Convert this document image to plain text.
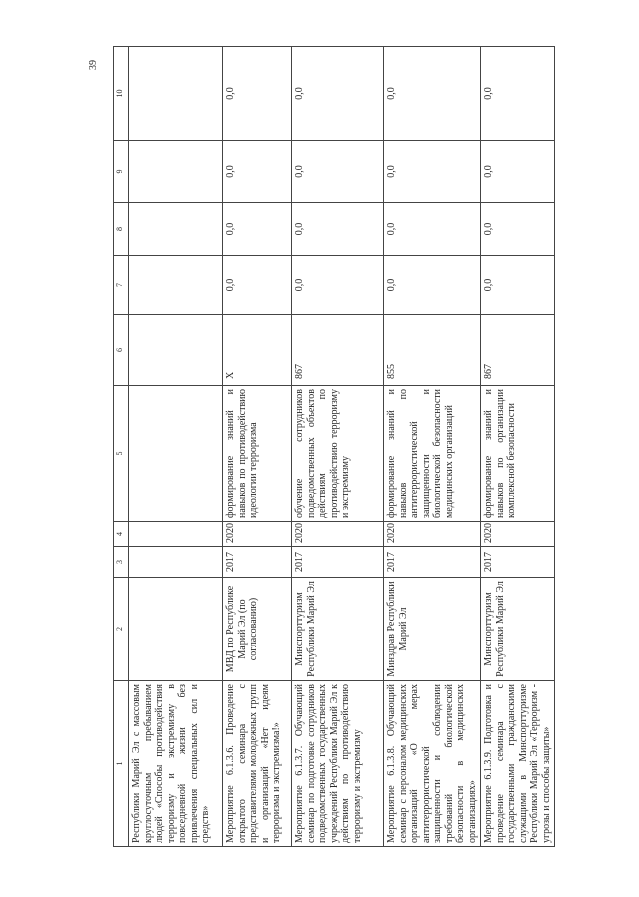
39
1	2	3	4	5	6	7	8	9	10
Республики Марий Эл с массовым круглосуточным пребыванием людей «Способы противодействия терроризму и экстремизму в повседневной жизни без привлечения специальных сил и средств»									
Мероприятие 6.1.3.6. Проведение открытого семинара с представителями молодежных групп и организаций «Нет идеям терроризма и экстремизма!»	МВД по Республике Марий Эл (по согласованию)	2017	2020	формирование знаний и навыков по противодействию идеологии терроризма	X	0,0	0,0	0,0	0,0
Мероприятие 6.1.3.7. Обучающий семинар по подготовке сотрудников подведомственных государственных учреждений Республики Марий Эл к действиям по противодействию терроризму и экстремизму	Минспорттуризм Республики Марий Эл	2017	2020	обучение сотрудников подведомственных объектов действиям по противодействию терроризму и экстремизму	867	0,0	0,0	0,0	0,0
Мероприятие 6.1.3.8. Обучающий семинар с персоналом медицинских организаций «О мерах антитеррористической защищенности и соблюдении требований биологической безопасности в медицинских организациях»	Минздрав Республики Марий Эл	2017	2020	формирование знаний и навыков по антитеррористической защищенности и биологической безопасности медицинских организаций	855	0,0	0,0	0,0	0,0
Мероприятие 6.1.3.9. Подготовка и проведение семинара с государственными гражданскими служащими в Минспорттуризме Республики Марий Эл «Терроризм - угрозы и способы защиты»	Минспорттуризм Республики Марий Эл	2017	2020	формирование знаний и навыков по организации комплексной безопасности	867	0,0	0,0	0,0	0,0
